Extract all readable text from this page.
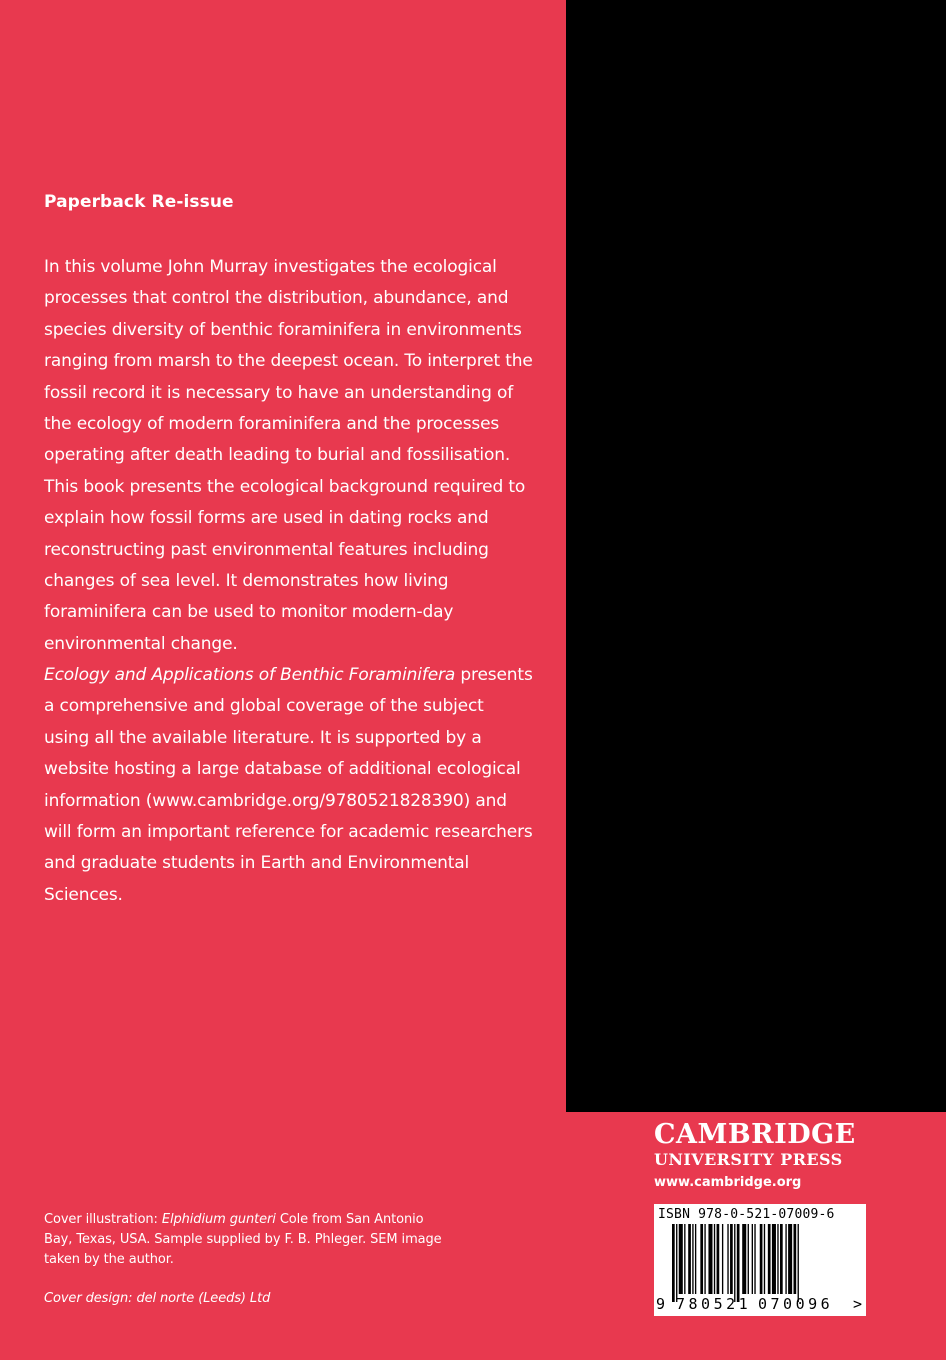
Paperback Re-issue
In this volume John Murray investigates the ecological processes that control the distribution, abundance, and species diversity of benthic foraminifera in environments ranging from marsh to the deepest ocean. To interpret the fossil record it is necessary to have an understanding of the ecology of modern foraminifera and the processes operating after death leading to burial and fossilisation. This book presents the ecological background required to explain how fossil forms are used in dating rocks and reconstructing past environmental features including changes of sea level. It demonstrates how living foraminifera can be used to monitor modern-day environmental change.
Ecology and Applications of Benthic Foraminifera presents a comprehensive and global coverage of the subject using all the available literature. It is supported by a website hosting a large database of additional ecological information (www.cambridge.org/9780521828390) and will form an important reference for academic researchers and graduate students in Earth and Environmental Sciences.
Cover illustration: Elphidium gunteri Cole from San Antonio Bay, Texas, USA. Sample supplied by F. B. Phleger. SEM image taken by the author.
Cover design: del norte (Leeds) Ltd
CAMBRIDGE
UNIVERSITY PRESS
www.cambridge.org
ISBN 978-0-521-07009-6
9 780521 070096 >
